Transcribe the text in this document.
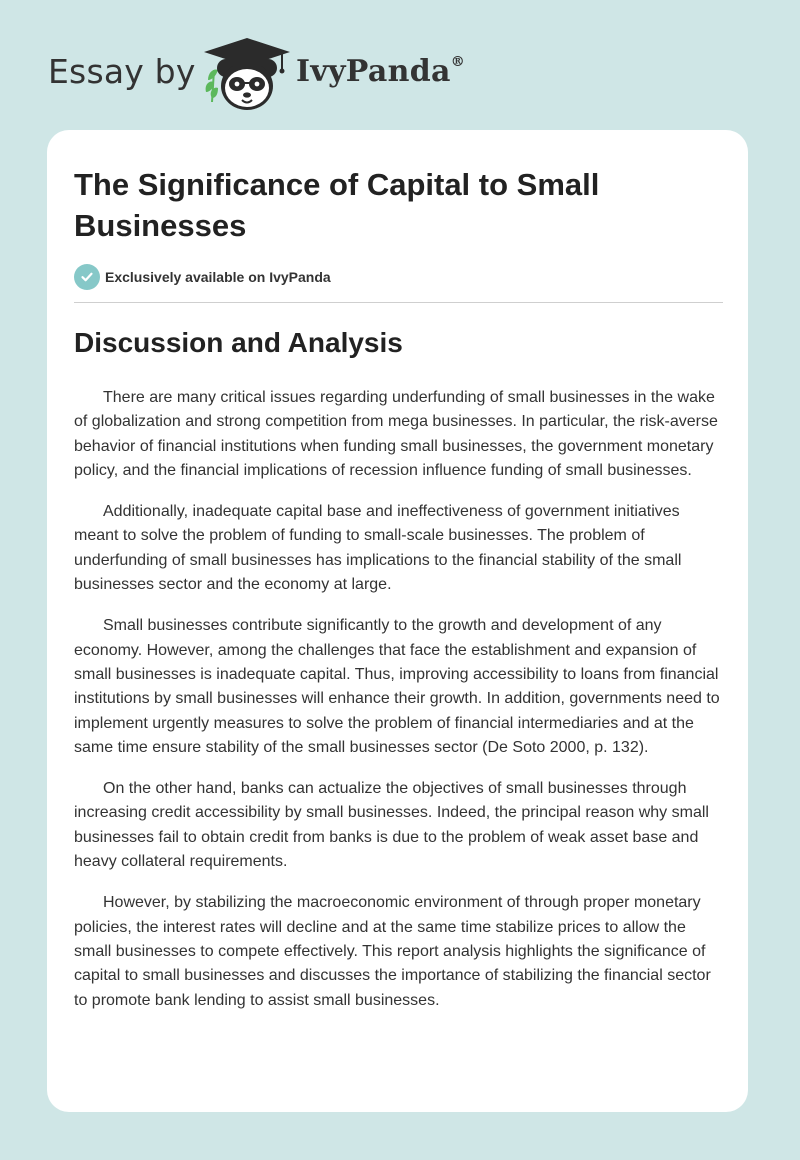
Essay by	IvyPanda®
The Significance of Capital to Small Businesses
Exclusively available on IvyPanda
Discussion and Analysis

There are many critical issues regarding underfunding of small businesses in the wake of globalization and strong competition from mega businesses. In particular, the risk-averse behavior of financial institutions when funding small businesses, the government monetary policy, and the financial implications of recession influence funding of small businesses.

Additionally, inadequate capital base and ineffectiveness of government initiatives meant to solve the problem of funding to small-scale businesses. The problem of underfunding of small businesses has implications to the financial stability of the small businesses sector and the economy at large.

Small businesses contribute significantly to the growth and development of any economy. However, among the challenges that face the establishment and expansion of small businesses is inadequate capital. Thus, improving accessibility to loans from financial institutions by small businesses will enhance their growth. In addition, governments need to implement urgently measures to solve the problem of financial intermediaries and at the same time ensure stability of the small businesses sector (De Soto 2000, p. 132).

On the other hand, banks can actualize the objectives of small businesses through increasing credit accessibility by small businesses. Indeed, the principal reason why small businesses fail to obtain credit from banks is due to the problem of weak asset base and heavy collateral requirements.

However, by stabilizing the macroeconomic environment of through proper monetary policies, the interest rates will decline and at the same time stabilize prices to allow the small businesses to compete effectively. This report analysis highlights the significance of capital to small businesses and discusses the importance of stabilizing the financial sector to promote bank lending to assist small businesses.
